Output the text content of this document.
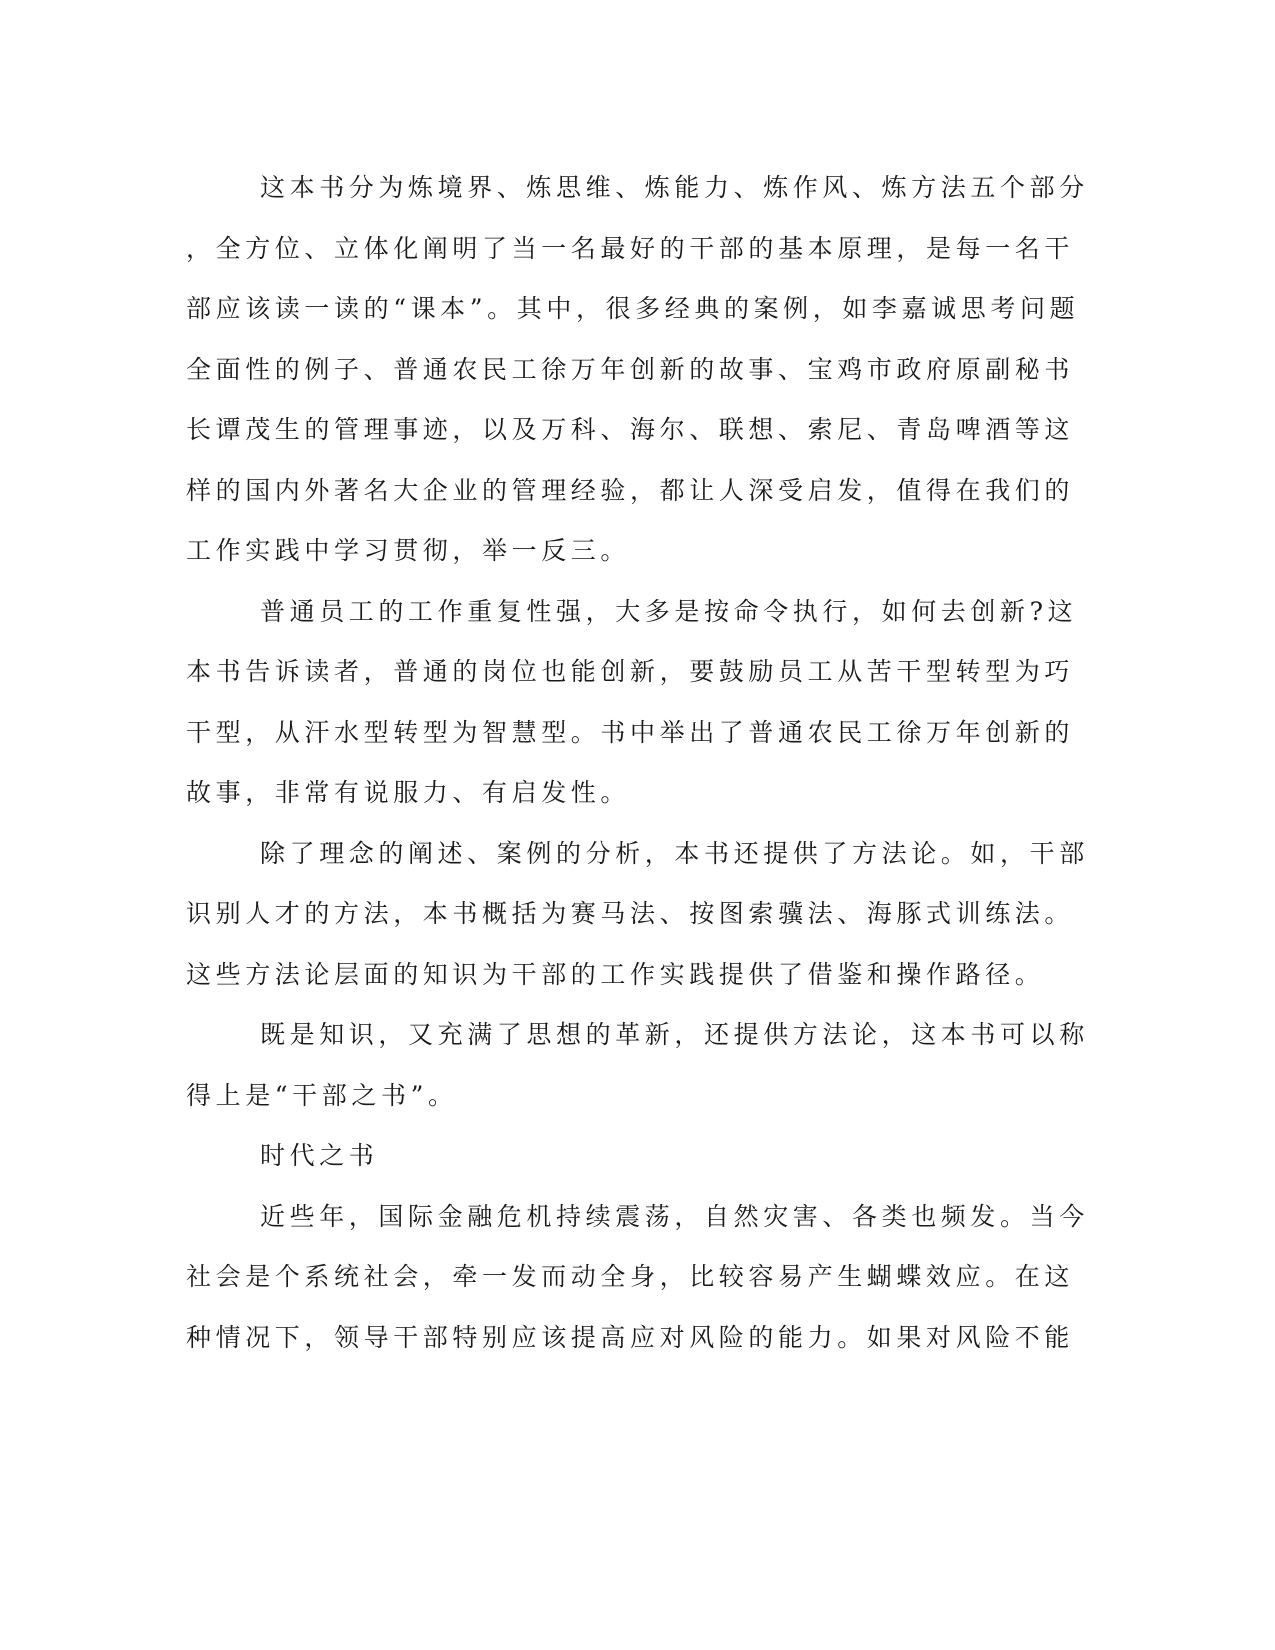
这本书分为炼境界、炼思维、炼能力、炼作风、炼方法五个部分
，全方位、立体化阐明了当一名最好的干部的基本原理，是每一名干
部应该读一读的“课本”。其中，很多经典的案例，如李嘉诚思考问题
全面性的例子、普通农民工徐万年创新的故事、宝鸡市政府原副秘书
长谭茂生的管理事迹，以及万科、海尔、联想、索尼、青岛啤酒等这
样的国内外著名大企业的管理经验，都让人深受启发，值得在我们的
工作实践中学习贯彻，举一反三。

普通员工的工作重复性强，大多是按命令执行，如何去创新?这
本书告诉读者，普通的岗位也能创新，要鼓励员工从苦干型转型为巧
干型，从汗水型转型为智慧型。书中举出了普通农民工徐万年创新的
故事，非常有说服力、有启发性。

除了理念的阐述、案例的分析，本书还提供了方法论。如，干部
识别人才的方法，本书概括为赛马法、按图索骥法、海豚式训练法。
这些方法论层面的知识为干部的工作实践提供了借鉴和操作路径。

既是知识，又充满了思想的革新，还提供方法论，这本书可以称
得上是“干部之书”。

时代之书

近些年，国际金融危机持续震荡，自然灾害、各类也频发。当今
社会是个系统社会，牵一发而动全身，比较容易产生蝴蝶效应。在这
种情况下，领导干部特别应该提高应对风险的能力。如果对风险不能
